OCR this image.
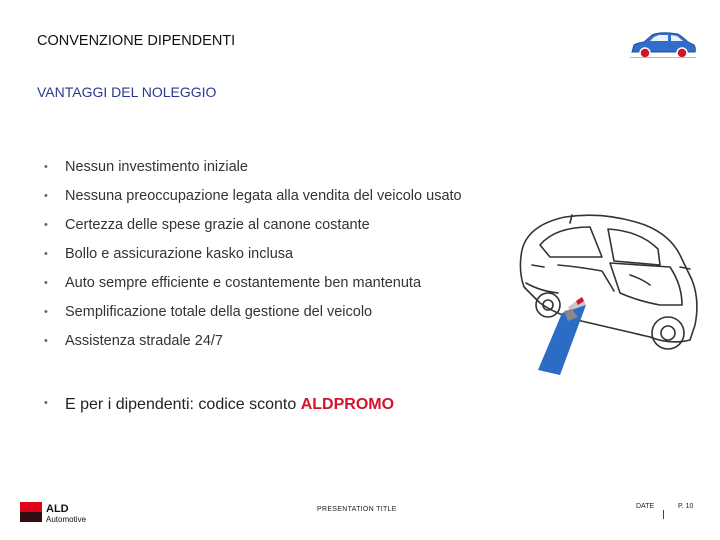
CONVENZIONE DIPENDENTI
VANTAGGI DEL NOLEGGIO
• Nessun investimento iniziale
• Nessuna preoccupazione legata alla vendita del veicolo usato
• Certezza delle spese grazie al canone costante
• Bollo e assicurazione kasko inclusa
• Auto sempre efficiente e costantemente ben mantenuta
• Semplificazione totale della gestione del veicolo
• Assistenza stradale 24/7
• E per i dipendenti: codice sconto ALDPROMO
ALD
Automotive
PRESENTATION TITLE	DATE	P. 10
